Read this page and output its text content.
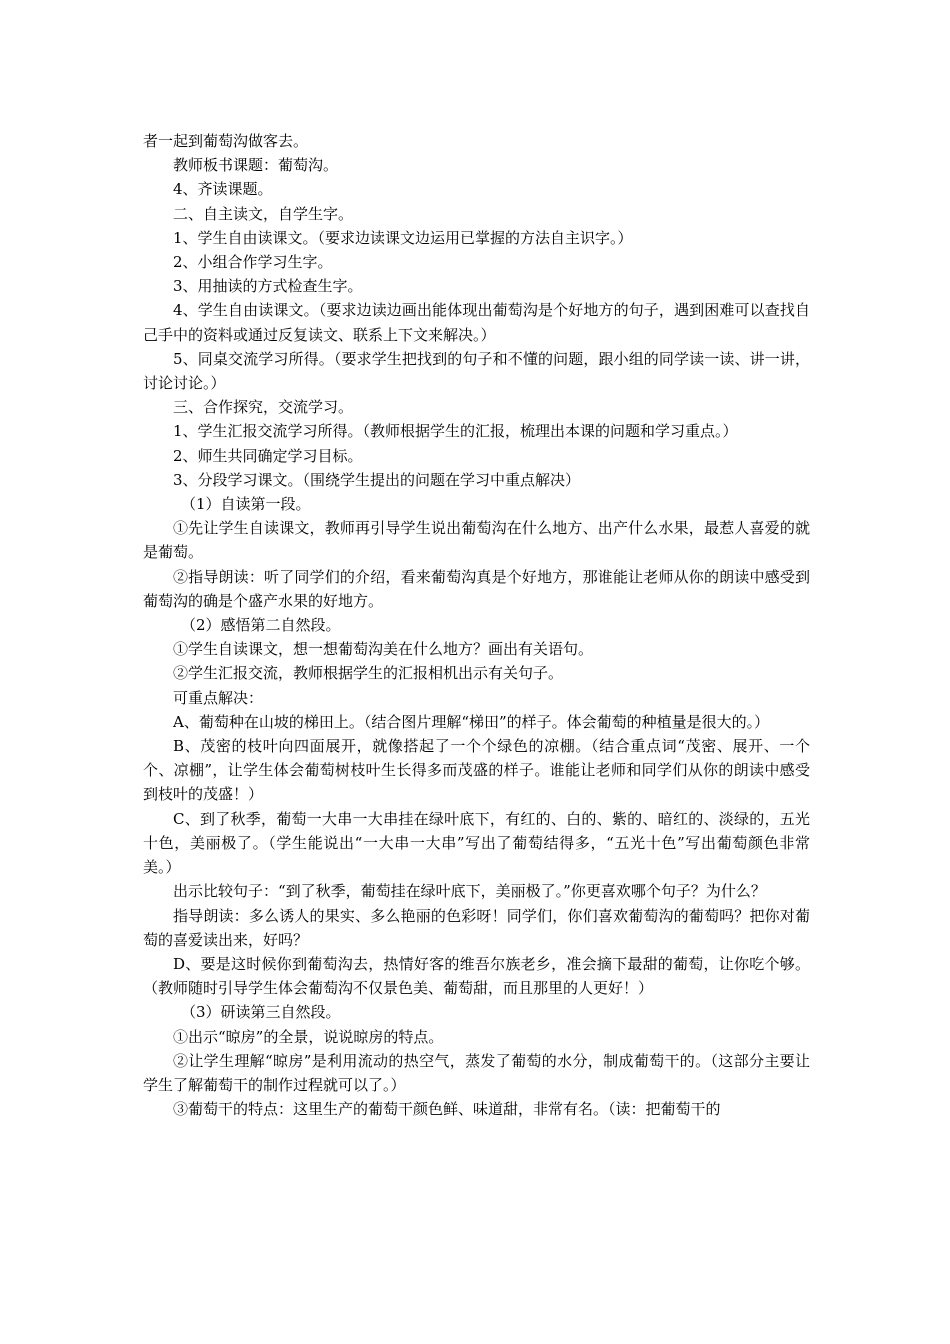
者一起到葡萄沟做客去。

教师板书课题：葡萄沟。

4、齐读课题。

二、自主读文，自学生字。

1、学生自由读课文。（要求边读课文边运用已掌握的方法自主识字。）

2、小组合作学习生字。

3、用抽读的方式检查生字。

4、学生自由读课文。（要求边读边画出能体现出葡萄沟是个好地方的句子，遇到困难可以查找自己手中的资料或通过反复读文、联系上下文来解决。）

5、同桌交流学习所得。（要求学生把找到的句子和不懂的问题，跟小组的同学读一读、讲一讲，讨论讨论。）

三、合作探究，交流学习。

1、学生汇报交流学习所得。（教师根据学生的汇报，梳理出本课的问题和学习重点。）

2、师生共同确定学习目标。

3、分段学习课文。（围绕学生提出的问题在学习中重点解决）

（1）自读第一段。

①先让学生自读课文，教师再引导学生说出葡萄沟在什么地方、出产什么水果，最惹人喜爱的就是葡萄。

②指导朗读：听了同学们的介绍，看来葡萄沟真是个好地方，那谁能让老师从你的朗读中感受到葡萄沟的确是个盛产水果的好地方。

（2）感悟第二自然段。

①学生自读课文，想一想葡萄沟美在什么地方？画出有关语句。

②学生汇报交流，教师根据学生的汇报相机出示有关句子。

可重点解决：

A、葡萄种在山坡的梯田上。（结合图片理解“梯田”的样子。体会葡萄的种植量是很大的。）

B、茂密的枝叶向四面展开，就像搭起了一个个绿色的凉棚。（结合重点词“茂密、展开、一个个、凉棚”，让学生体会葡萄树枝叶生长得多而茂盛的样子。谁能让老师和同学们从你的朗读中感受到枝叶的茂盛！）

C、到了秋季，葡萄一大串一大串挂在绿叶底下，有红的、白的、紫的、暗红的、淡绿的，五光十色，美丽极了。（学生能说出“一大串一大串”写出了葡萄结得多，“五光十色”写出葡萄颜色非常美。）

出示比较句子：“到了秋季，葡萄挂在绿叶底下，美丽极了。”你更喜欢哪个句子？为什么？

指导朗读：多么诱人的果实、多么艳丽的色彩呀！同学们，你们喜欢葡萄沟的葡萄吗？把你对葡萄的喜爱读出来，好吗？

D、要是这时候你到葡萄沟去，热情好客的维吾尔族老乡，准会摘下最甜的葡萄，让你吃个够。（教师随时引导学生体会葡萄沟不仅景色美、葡萄甜，而且那里的人更好！）

（3）研读第三自然段。

①出示“晾房”的全景，说说晾房的特点。

②让学生理解“晾房”是利用流动的热空气，蒸发了葡萄的水分，制成葡萄干的。（这部分主要让学生了解葡萄干的制作过程就可以了。）

③葡萄干的特点：这里生产的葡萄干颜色鲜、味道甜，非常有名。（读：把葡萄干的
